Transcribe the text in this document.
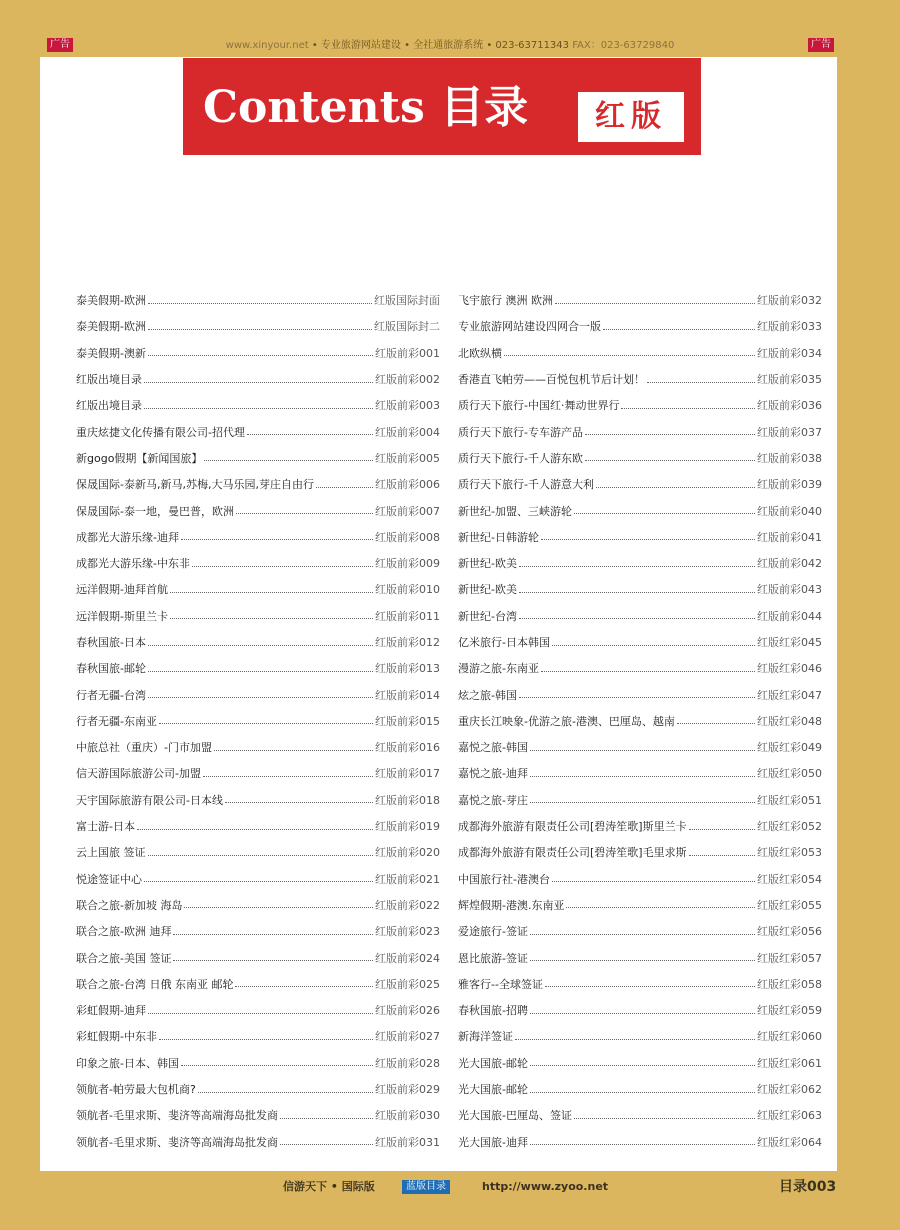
www.xinyour.net • 专业旅游网站建设 • 全社通旅游系统 • 023-63711343 FAX：023-63729840
广告	广告
Contents 目录	红版
泰美假期-欧洲	红版国际封面
泰美假期-欧洲	红版国际封二
泰美假期-澳新	红版前彩001
红版出境目录	红版前彩002
红版出境目录	红版前彩003
重庆炫捷文化传播有限公司-招代理	红版前彩004
新gogo假期【新闻国旅】	红版前彩005
保晟国际-泰新马,新马,苏梅,大马乐园,芽庄自由行	红版前彩006
保晟国际-泰一地，曼巴普，欧洲	红版前彩007
成都光大游乐缘-迪拜	红版前彩008
成都光大游乐缘-中东非	红版前彩009
远洋假期-迪拜首航	红版前彩010
远洋假期-斯里兰卡	红版前彩011
春秋国旅-日本	红版前彩012
春秋国旅-邮轮	红版前彩013
行者无疆-台湾	红版前彩014
行者无疆-东南亚	红版前彩015
中旅总社（重庆）-门市加盟	红版前彩016
信天游国际旅游公司-加盟	红版前彩017
天宇国际旅游有限公司-日本线	红版前彩018
富士游-日本	红版前彩019
云上国旅 签证	红版前彩020
悦途签证中心	红版前彩021
联合之旅-新加坡 海岛	红版前彩022
联合之旅-欧洲 迪拜	红版前彩023
联合之旅-美国 签证	红版前彩024
联合之旅-台湾 日俄 东南亚 邮轮	红版前彩025
彩虹假期-迪拜	红版前彩026
彩虹假期-中东非	红版前彩027
印象之旅-日本、韩国	红版前彩028
领航者-帕劳最大包机商?	红版前彩029
领航者-毛里求斯、斐济等高端海岛批发商	红版前彩030
领航者-毛里求斯、斐济等高端海岛批发商	红版前彩031
飞宇旅行 澳洲 欧洲	红版前彩032
专业旅游网站建设四网合一版	红版前彩033
北欧纵横	红版前彩034
香港直飞帕劳——百悦包机节后计划！	红版前彩035
质行天下旅行-中国红·舞动世界行	红版前彩036
质行天下旅行-专车游产品	红版前彩037
质行天下旅行-千人游东欧	红版前彩038
质行天下旅行-千人游意大利	红版前彩039
新世纪-加盟、三峡游轮	红版前彩040
新世纪-日韩游轮	红版前彩041
新世纪-欧美	红版前彩042
新世纪-欧美	红版前彩043
新世纪-台湾	红版前彩044
亿米旅行-日本韩国	红版红彩045
漫游之旅-东南亚	红版红彩046
炫之旅-韩国	红版红彩047
重庆长江映象-优游之旅-港澳、巴厘岛、越南	红版红彩048
嘉悦之旅-韩国	红版红彩049
嘉悦之旅-迪拜	红版红彩050
嘉悦之旅-芽庄	红版红彩051
成都海外旅游有限责任公司[碧涛笙歌]斯里兰卡	红版红彩052
成都海外旅游有限责任公司[碧涛笙歌]毛里求斯	红版红彩053
中国旅行社-港澳台	红版红彩054
辉煌假期-港澳.东南亚	红版红彩055
爱途旅行-签证	红版红彩056
恩比旅游-签证	红版红彩057
雅客行--全球签证	红版红彩058
春秋国旅-招聘	红版红彩059
新海洋签证	红版红彩060
光大国旅-邮轮	红版红彩061
光大国旅-邮轮	红版红彩062
光大国旅-巴厘岛、签证	红版红彩063
光大国旅-迪拜	红版红彩064
信游天下 • 国际版	蓝版目录	http://www.zyoo.net	目录003
